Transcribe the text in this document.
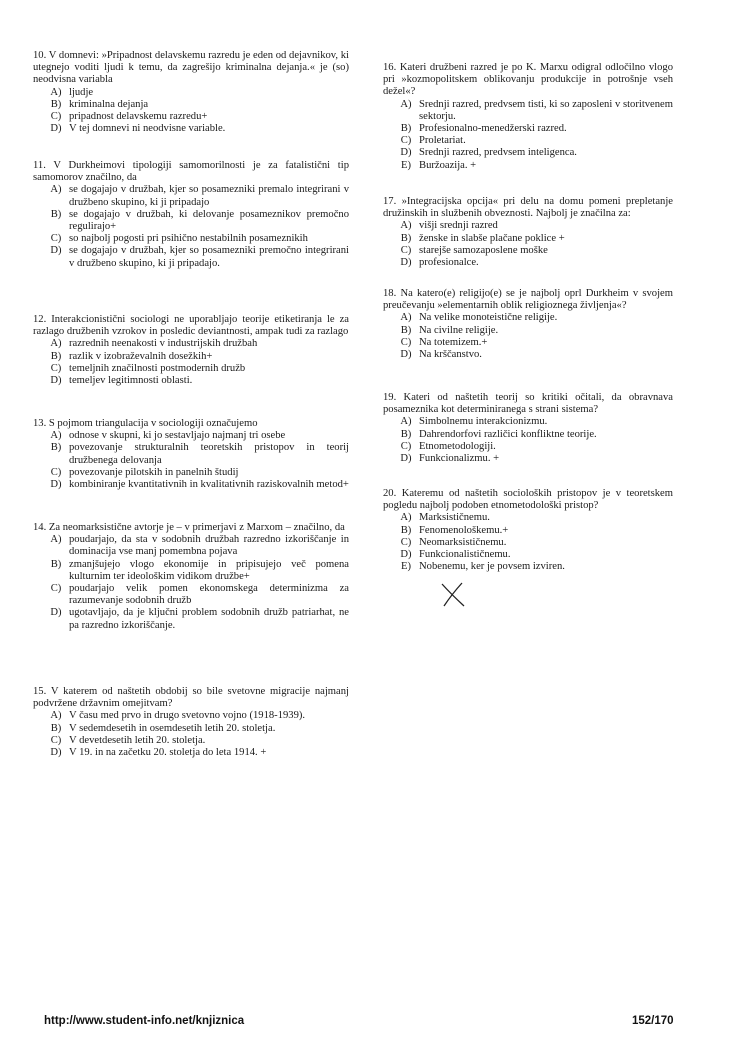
10. V domnevi: »Pripadnost delavskemu razredu je eden od dejavnikov, ki utegnejo voditi ljudi k temu, da zagrešijo kriminalna dejanja.« je (so) neodvisna variabla
A) ljudje
B) kriminalna dejanja
C) pripadnost delavskemu razredu+
D) V tej domnevi ni neodvisne variable.
11. V Durkheimovi tipologiji samomorilnosti je za fatalistični tip samomorov značilno, da
A) se dogajajo v družbah, kjer so posamezniki premalo integrirani v družbeno skupino, ki ji pripadajo
B) se dogajajo v družbah, ki delovanje posameznikov premočno regulirajo+
C) so najbolj pogosti pri psihično nestabilnih posameznikih
D) se dogajajo v družbah, kjer so posamezniki premočno integrirani v družbeno skupino, ki ji pripadajo.
12. Interakcionistični sociologi ne uporabljajo teorije etiketiranja le za razlago družbenih vzrokov in posledic deviantnosti, ampak tudi za razlago
A) razrednih neenakosti v industrijskih družbah
B) razlik v izobraževalnih dosežkih+
C) temeljnih značilnosti postmodernih družb
D) temeljev legitimnosti oblasti.
13. S pojmom triangulacija v sociologiji označujemo
A) odnose v skupni, ki jo sestavljajo najmanj tri osebe
B) povezovanje strukturalnih teoretskih pristopov in teorij družbenega delovanja
C) povezovanje pilotskih in panelnih študij
D) kombiniranje kvantitativnih in kvalitativnih raziskovalnih metod+
14. Za neomarksistične avtorje je – v primerjavi z Marxom – značilno, da
A) poudarjajo, da sta v sodobnih družbah razredno izkoriščanje in dominacija vse manj pomembna pojava
B) zmanjšujejo vlogo ekonomije in pripisujejo več pomena kulturnim ter ideološkim vidikom družbe+
C) poudarjajo velik pomen ekonomskega determinizma za razumevanje sodobnih družb
D) ugotavljajo, da je ključni problem sodobnih družb patriarhat, ne pa razredno izkoriščanje.
15. V katerem od naštetih obdobij so bile svetovne migracije najmanj podvržene državnim omejitvam?
A) V času med prvo in drugo svetovno vojno (1918-1939).
B) V sedemdesetih in osemdesetih letih 20. stoletja.
C) V devetdesetih letih 20. stoletja.
D) V 19. in na začetku 20. stoletja do leta 1914. +
16. Kateri družbeni razred je po K. Marxu odigral odločilno vlogo pri »kozmopolitskem oblikovanju produkcije in potrošnje vseh dežel«?
A) Srednji razred, predvsem tisti, ki so zaposleni v storitvenem sektorju.
B) Profesionalno-menedžerski razred.
C) Proletariat.
D) Srednji razred, predvsem inteligenca.
E) Buržoazija. +
17. »Integracijska opcija« pri delu na domu pomeni prepletanje družinskih in službenih obveznosti. Najbolj je značilna za:
A) višji srednji razred
B) ženske in slabše plačane poklice +
C) starejše samozaposlene moške
D) profesionalce.
18. Na katero(e) religijo(e) se je najbolj oprl Durkheim v svojem preučevanju »elementarnih oblik religioznega življenja«?
A) Na velike monoteistične religije.
B) Na civilne religije.
C) Na totemizem.+
D) Na krščanstvo.
19. Kateri od naštetih teorij so kritiki očitali, da obravnava posameznika kot determiniranega s strani sistema?
A) Simbolnemu interakcionizmu.
B) Dahrendorfovi različici konfliktne teorije.
C) Etnometodologiji.
D) Funkcionalizmu. +
20. Kateremu od naštetih socioloških pristopov je v teoretskem pogledu najbolj podoben etnometodološki pristop?
A) Marksističnemu.
B) Fenomenološkemu.+
C) Neomarksističnemu.
D) Funkcionalističnemu.
E) Nobenemu, ker je povsem izviren.
http://www.student-info.net/knjiznica	152/170
